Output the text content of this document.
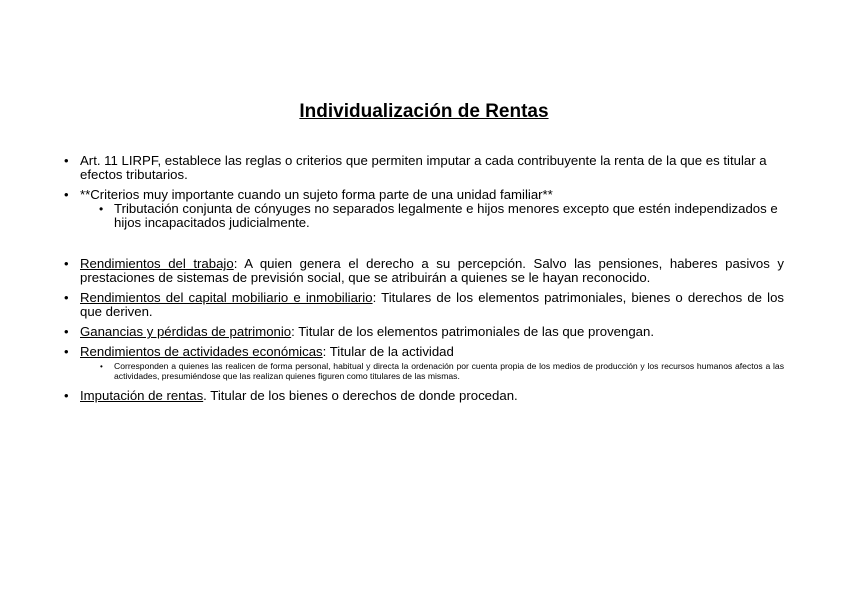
Individualización de Rentas
• Art. 11 LIRPF, establece las reglas o criterios que permiten imputar a cada contribuyente la renta de la que es titular a efectos tributarios.
• **Criterios muy importante cuando un sujeto forma parte de una unidad familiar**
• Tributación conjunta de cónyuges no separados legalmente e hijos menores excepto que estén independizados e hijos incapacitados judicialmente.
• Rendimientos del trabajo: A quien genera el derecho a su percepción. Salvo las pensiones, haberes pasivos y prestaciones de sistemas de previsión social, que se atribuirán a quienes se le hayan reconocido.
• Rendimientos del capital mobiliario e inmobiliario: Titulares de los elementos patrimoniales, bienes o derechos de los que deriven.
• Ganancias y pérdidas de patrimonio: Titular de los elementos patrimoniales de las que provengan.
• Rendimientos de actividades económicas: Titular de la actividad
• Corresponden a quienes las realicen de forma personal, habitual y directa la ordenación por cuenta propia de los medios de producción y los recursos humanos afectos a las actividades, presumiéndose que las realizan quienes figuren como titulares de las mismas.
• Imputación de rentas. Titular de los bienes o derechos de donde procedan.
